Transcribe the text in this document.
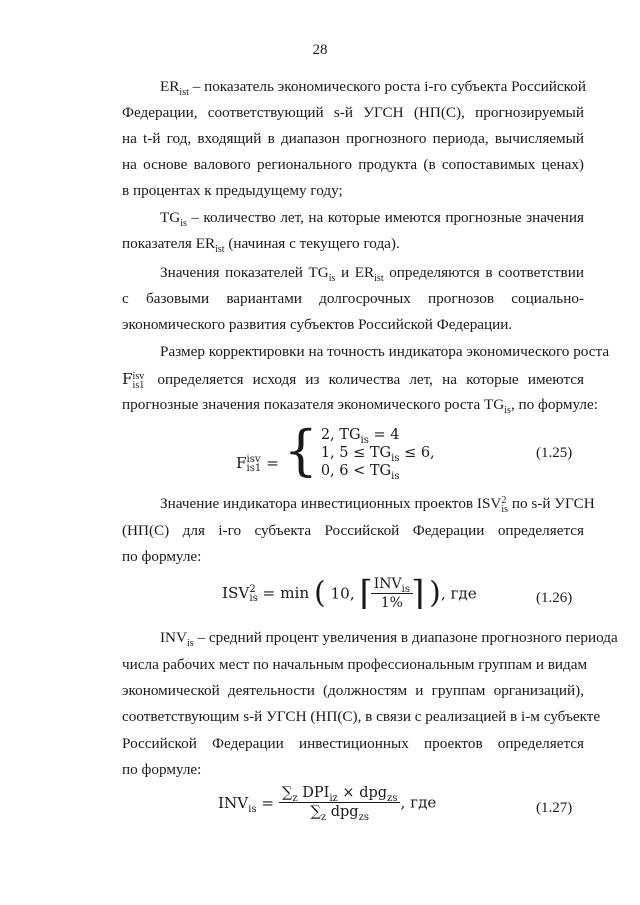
28
$ER_{ist}$ – показатель экономического роста i-го субъекта Российской
Федерации, соответствующий s-й УГСН (НП(С), прогнозируемый
на t-й год, входящий в диапазон прогнозного периода, вычисляемый
на основе валового регионального продукта (в сопоставимых ценах)
в процентах к предыдущему году;
$TG_{is}$ – количество лет, на которые имеются прогнозные значения
показателя $ER_{ist}$ (начиная с текущего года).
Значения показателей $TG_{is}$ и $ER_{ist}$ определяются в соответствии
с базовыми вариантами долгосрочных прогнозов социально-
экономического развития субъектов Российской Федерации.
Размер корректировки на точность индикатора экономического роста
F isv
is1 определяется исходя из количества лет, на которые имеются
прогнозные значения показателя экономического роста $TG_{is}$, по формуле:
F isv
is1 = { 2, $TG_{is} = 4$
1, $5 \le TG_{is} \le 6$,
0, $6 < TG_{is}$
(1.25)
Значение индикатора инвестиционных проектов ISV 2
is по s-й УГСН
(НП(С) для i-го субъекта Российской Федерации определяется
по формуле:
ISV 2
is = min ( 10, ⌈
$\frac{INV_{is}}{1\%}$
⌉ ), где	(1.26)
$INV_{is}$ – средний процент увеличения в диапазоне прогнозного периода
числа рабочих мест по начальным профессиональным группам и видам
экономической деятельности (должностям и группам организаций),
соответствующим s-й УГСН (НП(С), в связи с реализацией в i-м субъекте
Российской Федерации инвестиционных проектов определяется
по формуле:
$INV_{is} = \frac{\sum_z DPI_{iz} \times dpg_{zs}}{\sum_z dpg_{zs}}$ , где	(1.27)
